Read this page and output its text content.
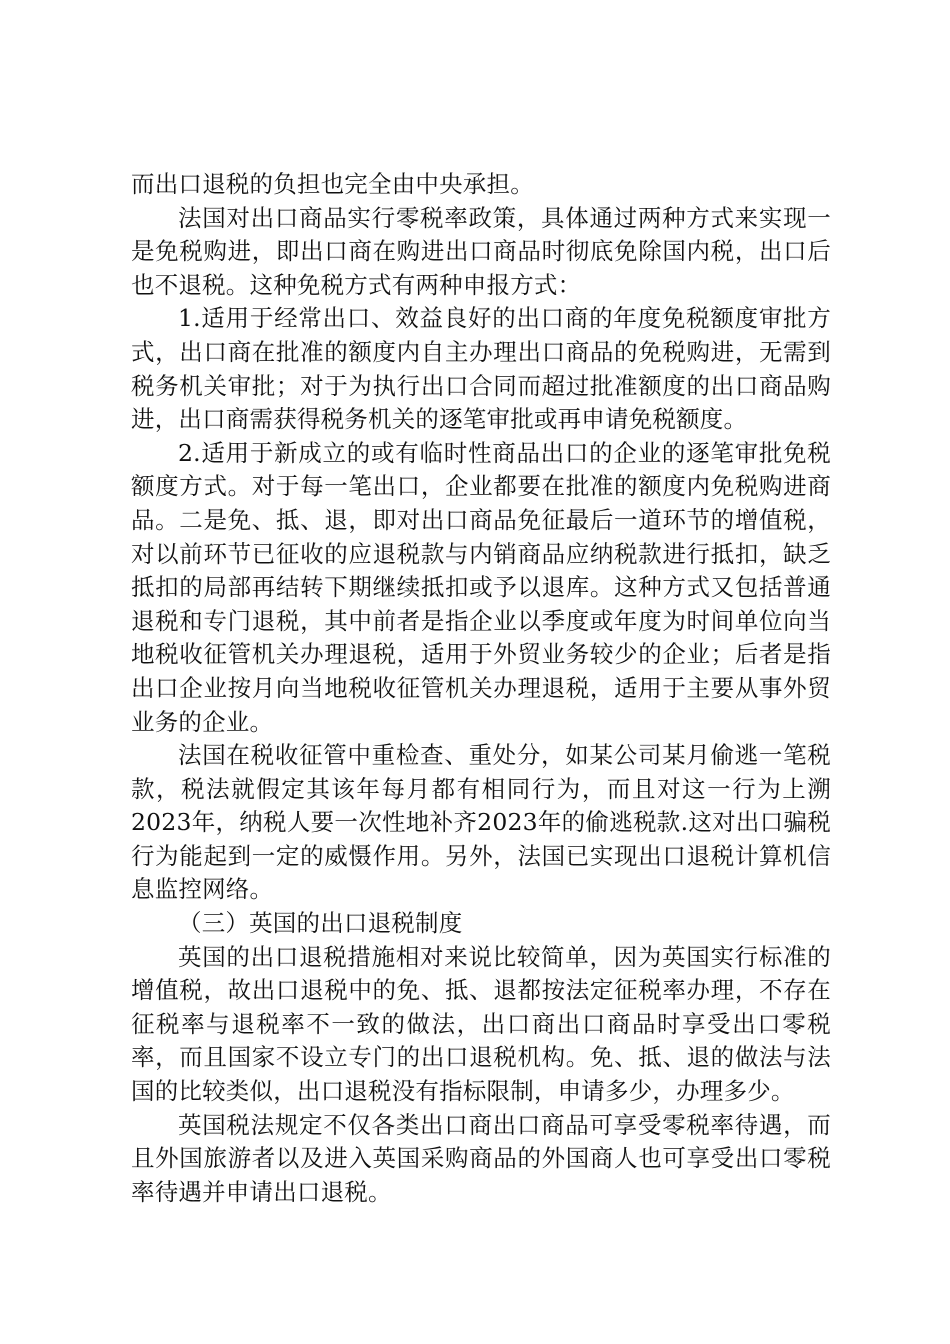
而出口退税的负担也完全由中央承担。

法国对出口商品实行零税率政策，具体通过两种方式来实现一是免税购进，即出口商在购进出口商品时彻底免除国内税，出口后也不退税。这种免税方式有两种申报方式：

1.适用于经常出口、效益良好的出口商的年度免税额度审批方式，出口商在批准的额度内自主办理出口商品的免税购进，无需到税务机关审批；对于为执行出口合同而超过批准额度的出口商品购进，出口商需获得税务机关的逐笔审批或再申请免税额度。

2.适用于新成立的或有临时性商品出口的企业的逐笔审批免税额度方式。对于每一笔出口，企业都要在批准的额度内免税购进商品。二是免、抵、退，即对出口商品免征最后一道环节的增值税，对以前环节已征收的应退税款与内销商品应纳税款进行抵扣，缺乏抵扣的局部再结转下期继续抵扣或予以退库。这种方式又包括普通退税和专门退税，其中前者是指企业以季度或年度为时间单位向当地税收征管机关办理退税，适用于外贸业务较少的企业；后者是指出口企业按月向当地税收征管机关办理退税，适用于主要从事外贸业务的企业。

法国在税收征管中重检查、重处分，如某公司某月偷逃一笔税款，税法就假定其该年每月都有相同行为，而且对这一行为上溯2023年，纳税人要一次性地补齐2023年的偷逃税款.这对出口骗税行为能起到一定的威慑作用。另外，法国已实现出口退税计算机信息监控网络。

（三）英国的出口退税制度

英国的出口退税措施相对来说比较简单，因为英国实行标准的增值税，故出口退税中的免、抵、退都按法定征税率办理，不存在征税率与退税率不一致的做法，出口商出口商品时享受出口零税率，而且国家不设立专门的出口退税机构。免、抵、退的做法与法国的比较类似，出口退税没有指标限制，申请多少，办理多少。

英国税法规定不仅各类出口商出口商品可享受零税率待遇，而且外国旅游者以及进入英国采购商品的外国商人也可享受出口零税率待遇并申请出口退税。
